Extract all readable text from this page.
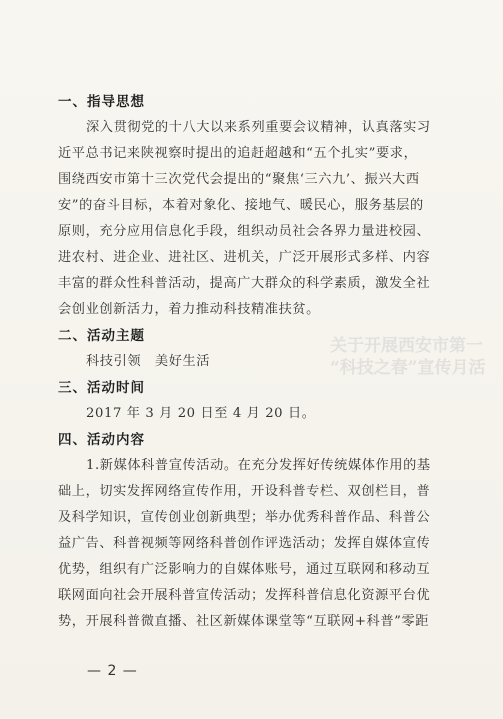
关于开展西安市第一
“科技之春”宣传月活
一、指导思想
深入贯彻党的十八大以来系列重要会议精神，认真落实习
近平总书记来陕视察时提出的追赶超越和“五个扎实”要求，
围绕西安市第十三次党代会提出的“聚焦‘三六九’、振兴大西
安”的奋斗目标，本着对象化、接地气、暖民心，服务基层的
原则，充分应用信息化手段，组织动员社会各界力量进校园、
进农村、进企业、进社区、进机关，广泛开展形式多样、内容
丰富的群众性科普活动，提高广大群众的科学素质，激发全社
会创业创新活力，着力推动科技精准扶贫。
二、活动主题
科技引领　美好生活
三、活动时间
2017 年 3 月 20 日至 4 月 20 日。
四、活动内容
1.新媒体科普宣传活动。在充分发挥好传统媒体作用的基
础上，切实发挥网络宣传作用，开设科普专栏、双创栏目，普
及科学知识，宣传创业创新典型；举办优秀科普作品、科普公
益广告、科普视频等网络科普创作评选活动；发挥自媒体宣传
优势，组织有广泛影响力的自媒体账号，通过互联网和移动互
联网面向社会开展科普宣传活动；发挥科普信息化资源平台优
势，开展科普微直播、社区新媒体课堂等“互联网+科普”零距
— 2 —
